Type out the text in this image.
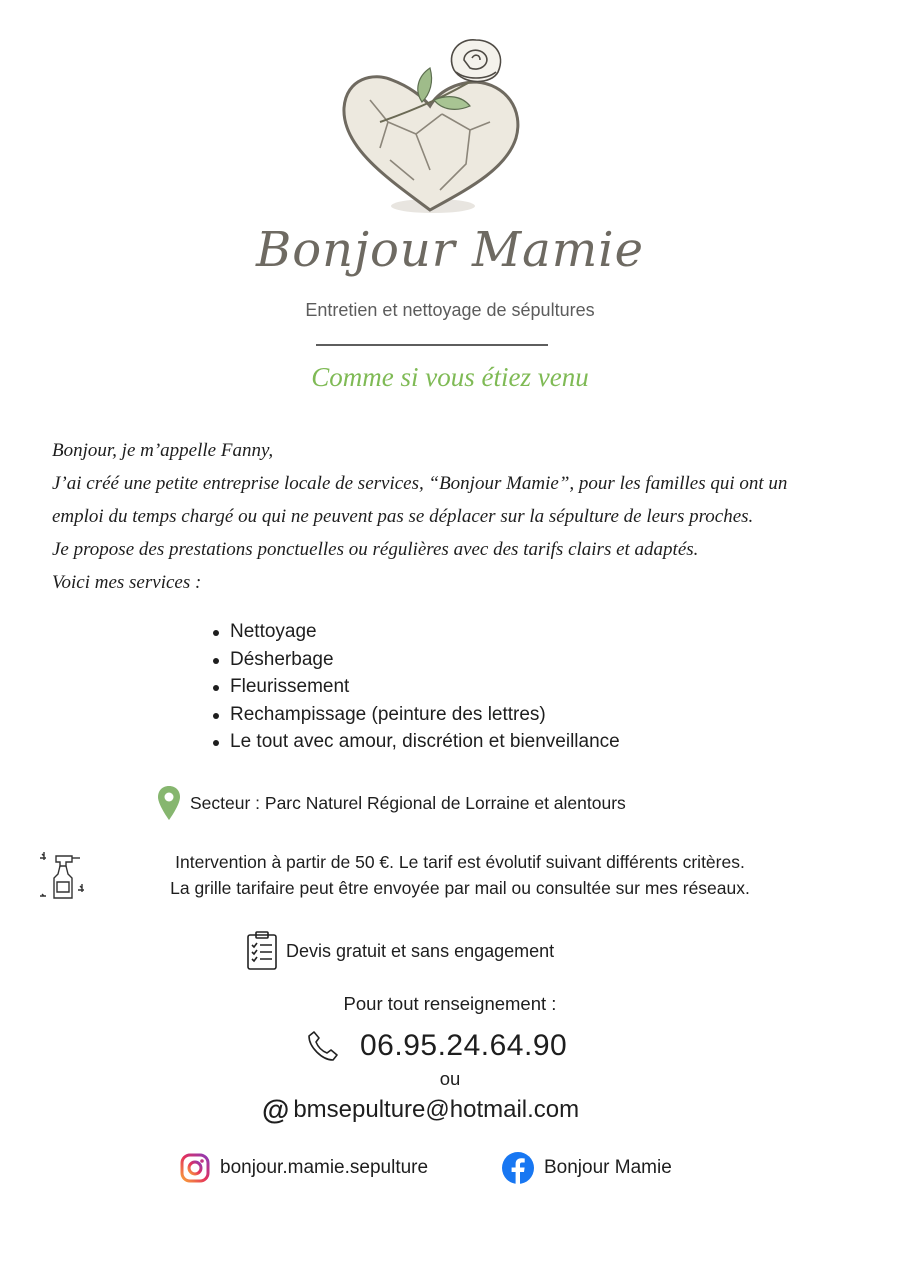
Bonjour Mamie
Entretien et nettoyage de sépultures
Comme si vous étiez venu

Bonjour, je m’appelle Fanny,

J’ai créé une petite entreprise locale de services, “Bonjour Mamie”, pour les familles qui ont un

emploi du temps chargé ou qui ne peuvent pas se déplacer sur la sépulture de leurs proches.

Je propose des prestations ponctuelles ou régulières avec des tarifs clairs et adaptés.

Voici mes services :

Nettoyage
Désherbage
Fleurissement
Rechampissage (peinture des lettres)
Le tout avec amour, discrétion et bienveillance
Secteur : Parc Naturel Régional de Lorraine et alentours

Intervention à partir de 50 €. Le tarif est évolutif suivant différents critères.

La grille tarifaire peut être envoyée par mail ou consultée sur mes réseaux.

Devis gratuit et sans engagement
Pour tout renseignement :
06.95.24.64.90
ou
@ bmsepulture@hotmail.com
bonjour.mamie.sepulture	Bonjour Mamie
